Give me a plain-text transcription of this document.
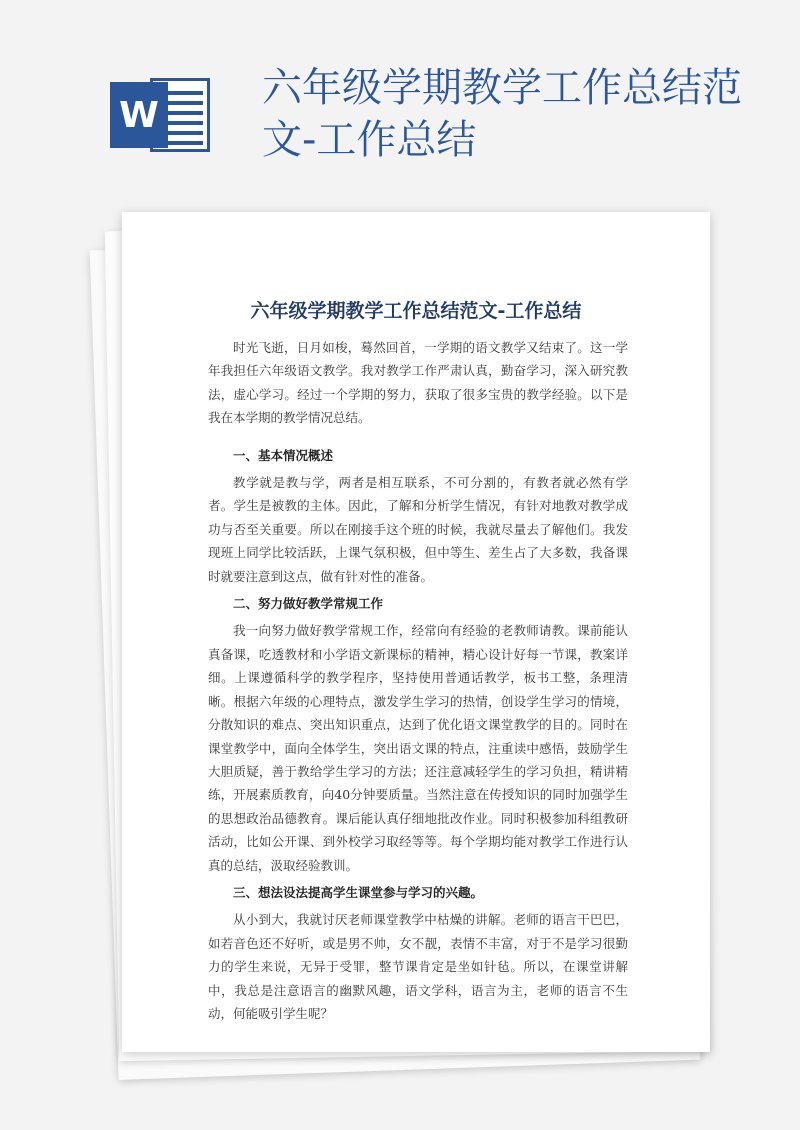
W
六年级学期教学工作总结范文-工作总结
六年级学期教学工作总结范文-工作总结

时光飞逝，日月如梭，蓦然回首，一学期的语文教学又结束了。这一学年我担任六年级语文教学。我对教学工作严肃认真，勤奋学习，深入研究教法，虚心学习。经过一个学期的努力，获取了很多宝贵的教学经验。以下是我在本学期的教学情况总结。

一、基本情况概述

教学就是教与学，两者是相互联系，不可分割的，有教者就必然有学者。学生是被教的主体。因此，了解和分析学生情况，有针对地教对教学成功与否至关重要。所以在刚接手这个班的时候，我就尽量去了解他们。我发现班上同学比较活跃，上课气氛积极，但中等生、差生占了大多数，我备课时就要注意到这点，做有针对性的准备。

二、努力做好教学常规工作

我一向努力做好教学常规工作，经常向有经验的老教师请教。课前能认真备课，吃透教材和小学语文新课标的精神，精心设计好每一节课，教案详细。上课遵循科学的教学程序，坚持使用普通话教学，板书工整，条理清晰。根据六年级的心理特点，激发学生学习的热情，创设学生学习的情境，分散知识的难点、突出知识重点，达到了优化语文课堂教学的目的。同时在课堂教学中，面向全体学生，突出语文课的特点，注重读中感悟，鼓励学生大胆质疑，善于教给学生学习的方法；还注意减轻学生的学习负担，精讲精练，开展素质教育，向40分钟要质量。当然注意在传授知识的同时加强学生的思想政治品德教育。课后能认真仔细地批改作业。同时积极参加科组教研活动，比如公开课、到外校学习取经等等。每个学期均能对教学工作进行认真的总结，汲取经验教训。

三、想法设法提高学生课堂参与学习的兴趣。

从小到大，我就讨厌老师课堂教学中枯燥的讲解。老师的语言干巴巴，如若音色还不好听，或是男不帅，女不靓，表情不丰富，对于不是学习很勤力的学生来说，无异于受罪，整节课肯定是坐如针毡。所以，在课堂讲解中，我总是注意语言的幽默风趣，语文学科，语言为主，老师的语言不生动，何能吸引学生呢？
